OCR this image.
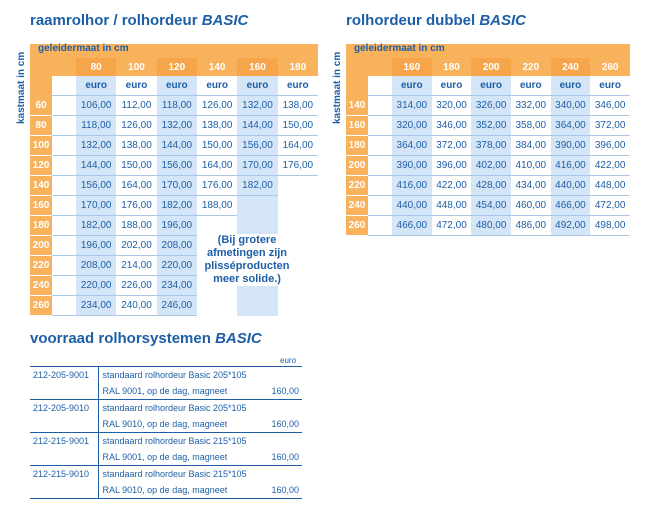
raamrolhor / rolhordeur BASIC
geleidermaat in cm
kastmaat in cm
			80	100	120	140	160	180
		euro	euro	euro	euro	euro	euro
60		106,00	112,00	118,00	126,00	132,00	138,00
80		118,00	126,00	132,00	138,00	144,00	150,00
100		132,00	138,00	144,00	150,00	156,00	164,00
120		144,00	150,00	156,00	164,00	170,00	176,00
140		156,00	164,00	170,00	176,00	182,00	
160		170,00	176,00	182,00	188,00		
180		182,00	188,00	196,00			
200		196,00	202,00	208,00			
220		208,00	214,00	220,00			
240		220,00	226,00	234,00			
260		234,00	240,00	246,00			
(Bij grotere afmetingen zijn plisséproducten meer solide.)
rolhordeur dubbel BASIC
geleidermaat in cm
kastmaat in cm
			160	180	200	220	240	260
		euro	euro	euro	euro	euro	euro
140		314,00	320,00	326,00	332,00	340,00	346,00
160		320,00	346,00	352,00	358,00	364,00	372,00
180		364,00	372,00	378,00	384,00	390,00	396,00
200		390,00	396,00	402,00	410,00	416,00	422,00
220		416,00	422,00	428,00	434,00	440,00	448,00
240		440,00	448,00	454,00	460,00	466,00	472,00
260		466,00	472,00	480,00	486,00	492,00	498,00
voorraad rolhorsystemen BASIC
euro
212-205-9001	standaard rolhordeur Basic 205*105	
	RAL 9001, op de dag, magneet	160,00
212-205-9010	standaard rolhordeur Basic 205*105	
	RAL 9010, op de dag, magneet	160,00
212-215-9001	standaard rolhordeur Basic 215*105	
	RAL 9001, op de dag, magneet	160,00
212-215-9010	standaard rolhordeur Basic 215*105	
	RAL 9010, op de dag, magneet	160,00
